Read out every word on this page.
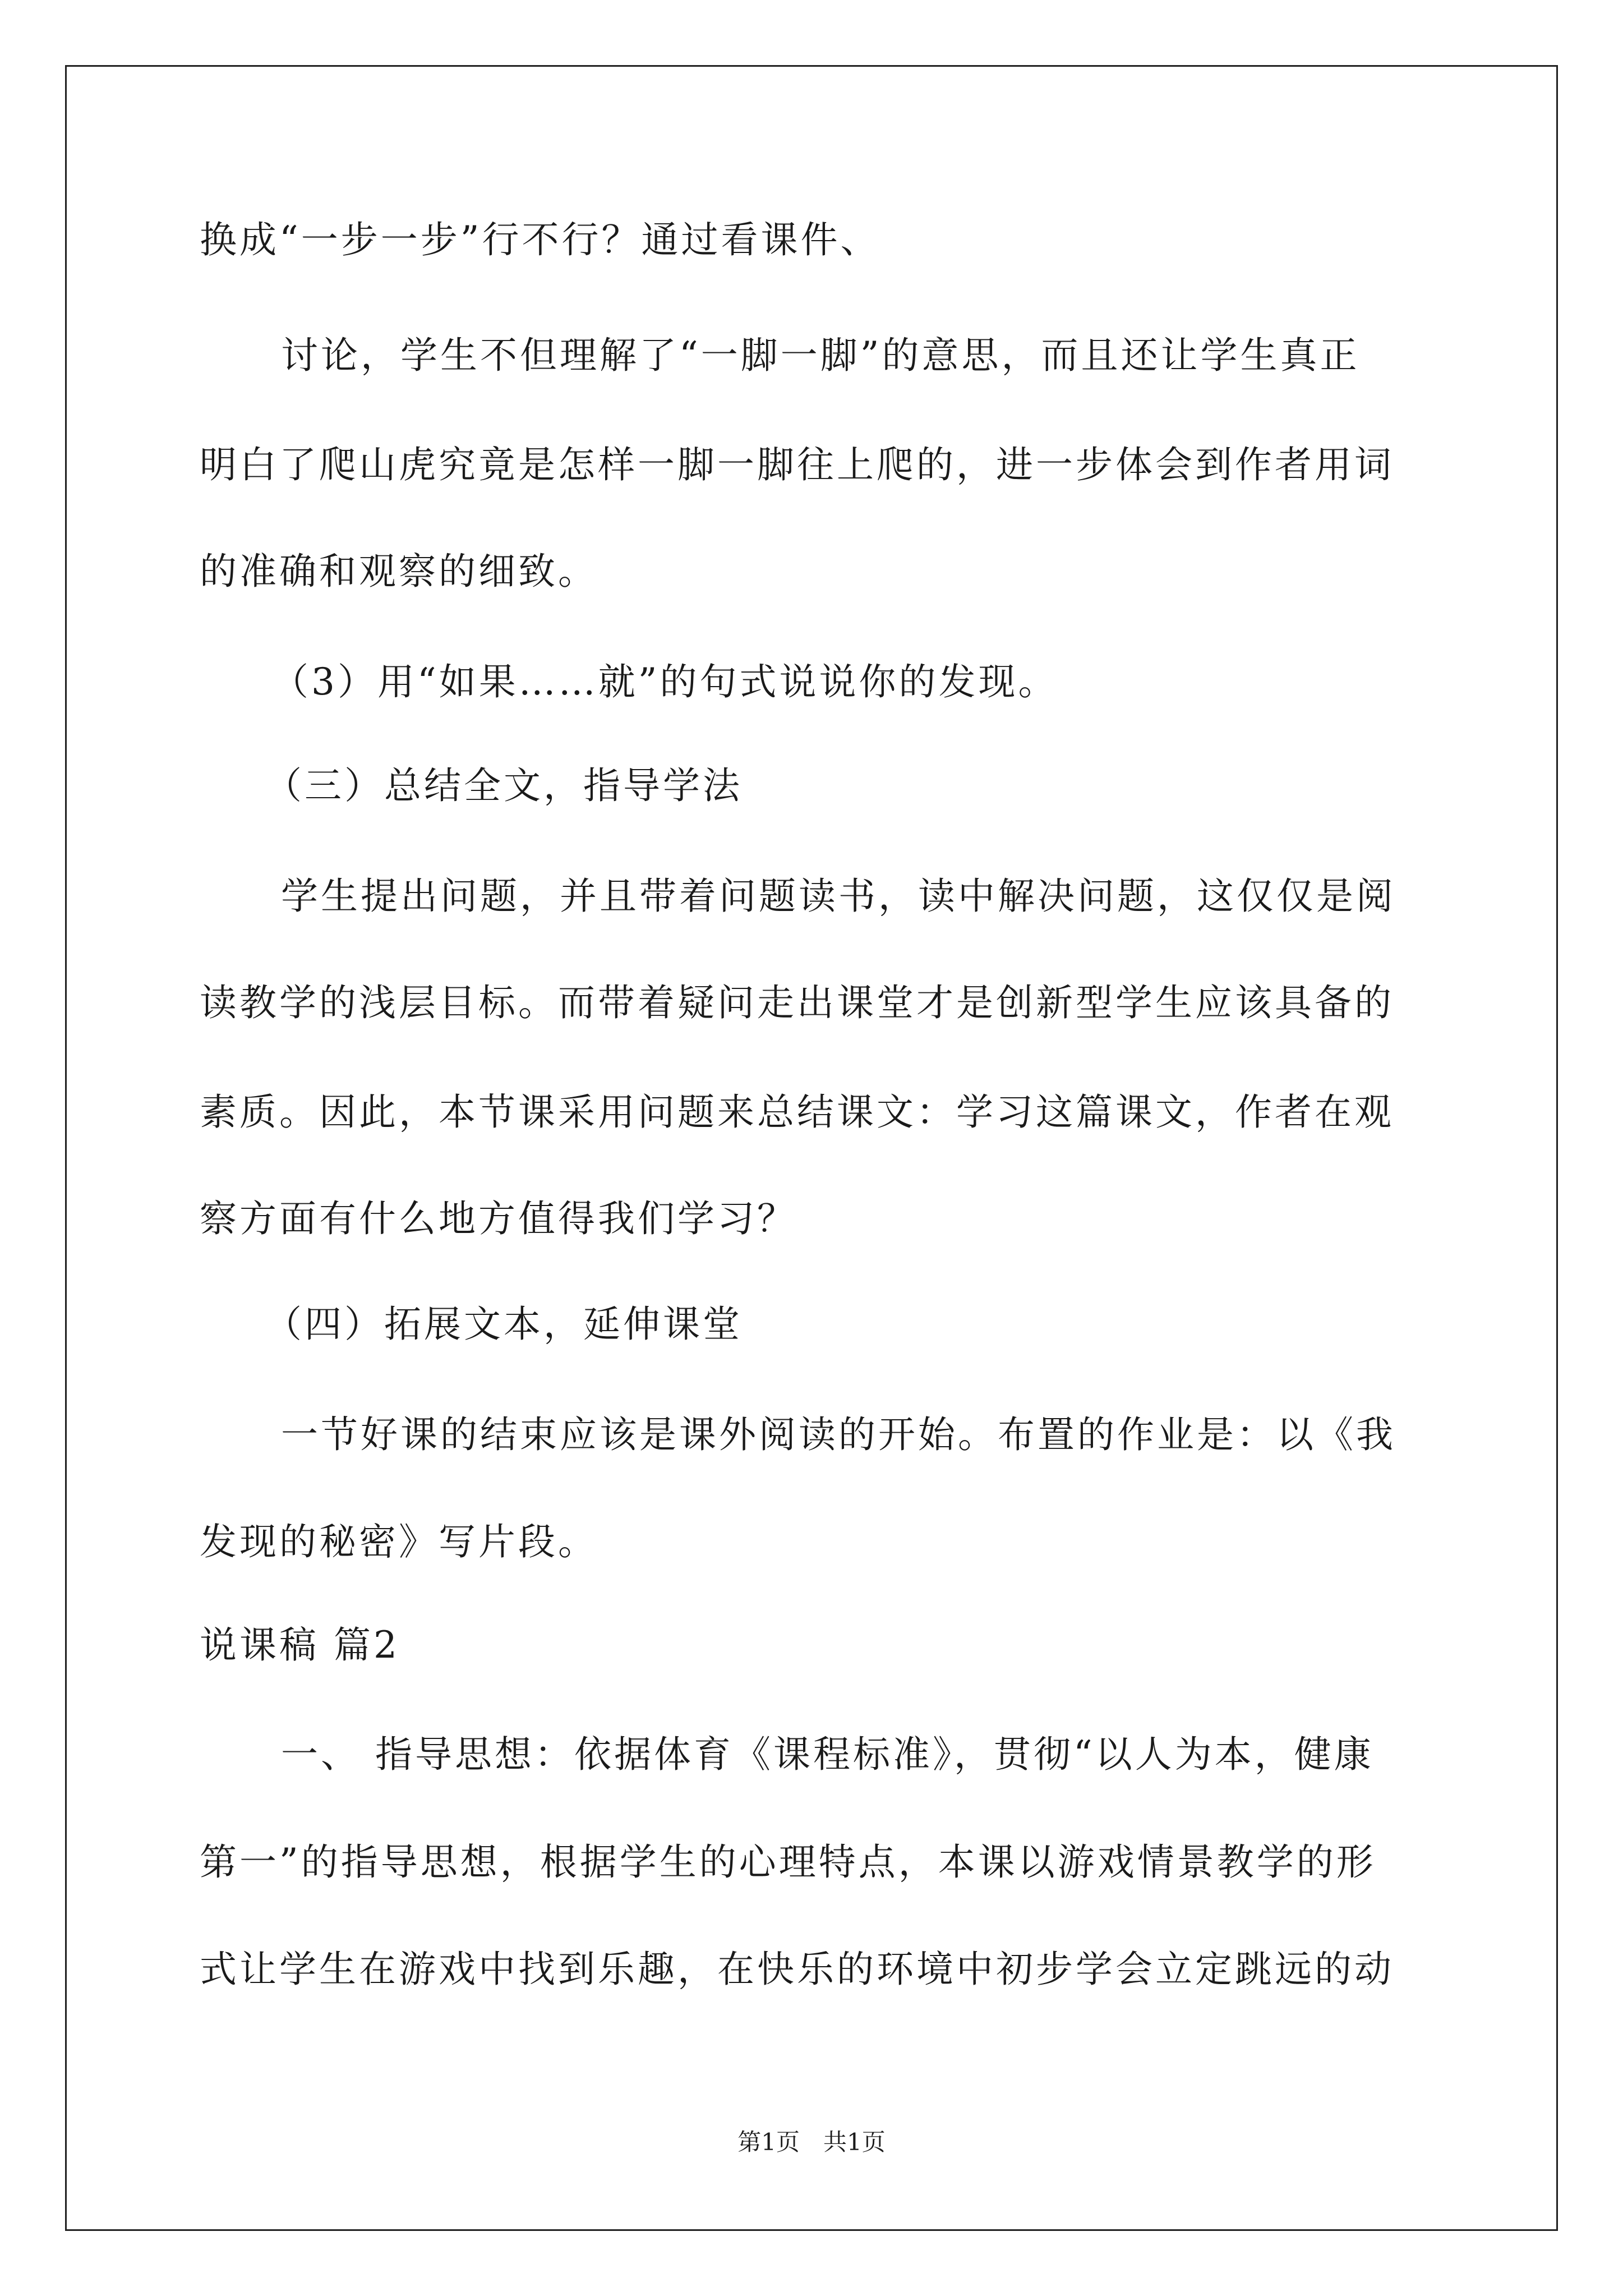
换成“一步一步”行不行？通过看课件、
讨论，学生不但理解了“一脚一脚”的意思，而且还让学生真正
明白了爬山虎究竟是怎样一脚一脚往上爬的，进一步体会到作者用词
的准确和观察的细致。
（3）用“如果……就”的句式说说你的发现。
（三）总结全文，指导学法
学生提出问题，并且带着问题读书，读中解决问题，这仅仅是阅
读教学的浅层目标。而带着疑问走出课堂才是创新型学生应该具备的
素质。因此，本节课采用问题来总结课文：学习这篇课文，作者在观
察方面有什么地方值得我们学习？
（四）拓展文本，延伸课堂
一节好课的结束应该是课外阅读的开始。布置的作业是：以《我
发现的秘密》写片段。
说课稿 篇2
一、 指导思想：依据体育《课程标准》，贯彻“以人为本，健康
第一”的指导思想，根据学生的心理特点，本课以游戏情景教学的形
式让学生在游戏中找到乐趣，在快乐的环境中初步学会立定跳远的动
第1页　共1页
